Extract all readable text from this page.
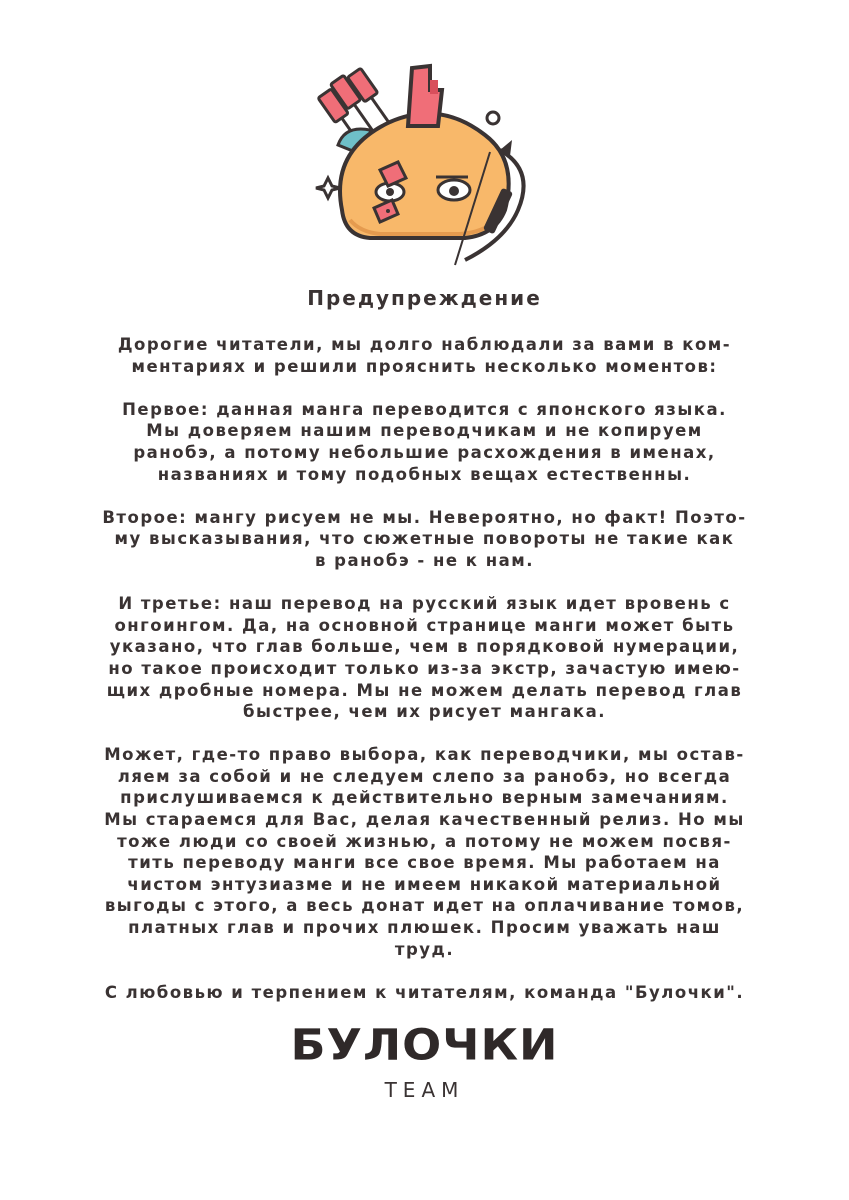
Предупреждение
Дорогие читатели, мы долго наблюдали за вами в ком-
ментариях и решили прояснить несколько моментов:
Первое: данная манга переводится с японского языка.
Мы доверяем нашим переводчикам и не копируем
ранобэ, а потому небольшие расхождения в именах,
названиях и тому подобных вещах естественны.
Второе: мангу рисуем не мы. Невероятно, но факт! Поэто-
му высказывания, что сюжетные повороты не такие как
в ранобэ - не к нам.
И третье: наш перевод на русский язык идет вровень с
онгоингом. Да, на основной странице манги может быть
указано, что глав больше, чем в порядковой нумерации,
но такое происходит только из-за экстр, зачастую имею-
щих дробные номера. Мы не можем делать перевод глав
быстрее, чем их рисует мангака.
Может, где-то право выбора, как переводчики, мы остав-
ляем за собой и не следуем слепо за ранобэ, но всегда
прислушиваемся к действительно верным замечаниям.
Мы стараемся для Вас, делая качественный релиз. Но мы
тоже люди со своей жизнью, а потому не можем посвя-
тить переводу манги все свое время. Мы работаем на
чистом энтузиазме и не имеем никакой материальной
выгоды с этого, а весь донат идет на оплачивание томов,
платных глав и прочих плюшек. Просим уважать наш
труд.
С любовью и терпением к читателям, команда "Булочки".
БУЛОЧКИ
TEAM
